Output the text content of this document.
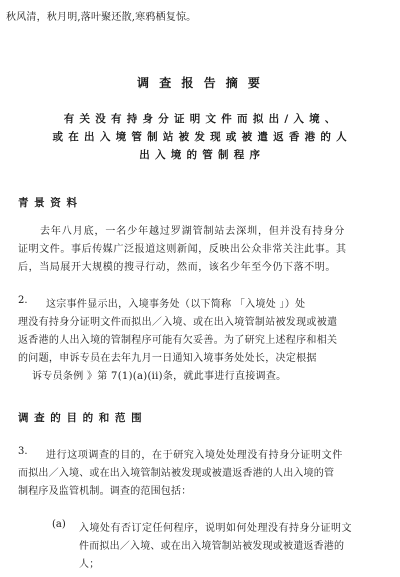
秋风清，秋月明,落叶聚还散,寒鸦栖复惊。
调 查 报 告 摘 要
有 关 没 有 持 身 分 证 明 文 件 而 拟 出 / 入 境 、
或 在 出 入 境 管 制 站 被 发 现 或 被 遣 返 香 港 的 人
出 入 境 的 管 制 程 序
青 景 资 料
去年八月底，一名少年越过罗湖管制站去深圳，但并没有持身分
证明文件。事后传媒广泛报道这则新闻，反映出公众非常关注此事。其
后，当局展开大规模的搜寻行动，然而，该名少年至今仍下落不明。
2. 这宗事件显示出，入境事务处（以下简称 「入境处 」）处
理没有持身分证明文件而拟出／入境、或在出入境管制站被发现或被遣
返香港的人出入境的管制程序可能有欠妥善。为了研究上述程序和相关
的问题，申诉专员在去年九月一日通知入境事务处处长，决定根据
诉专员条例 》第 7(1)(a)(ii)条，就此事进行直接调查。
调 查 的 目 的 和 范 围
3. 进行这项调查的目的，在于研究入境处处理没有持身分证明文件
而拟出／入境、或在出入境管制站被发现或被遣返香港的人出入境的管
制程序及监管机制。调查的范围包括：
(a) 入境处有否订定任何程序，说明如何处理没有持身分证明文
件而拟出／入境、或在出入境管制站被发现或被遣返香港的
人；
